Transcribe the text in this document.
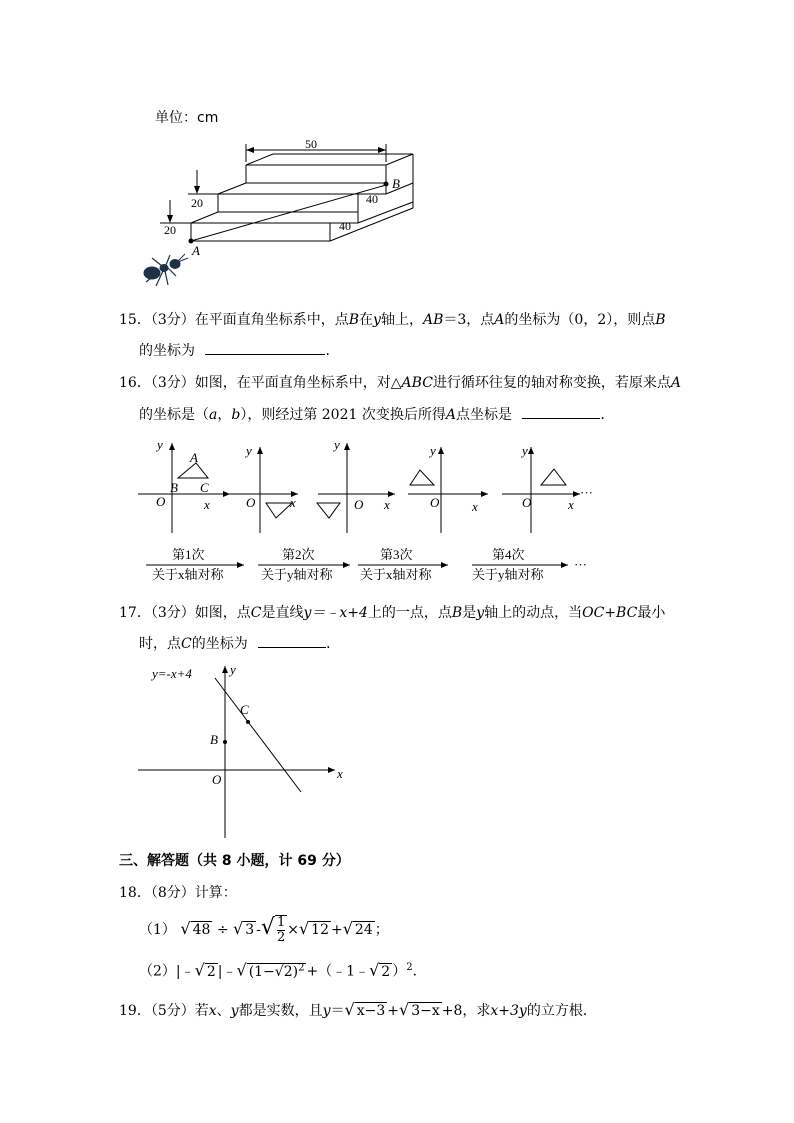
单位：cm
50
B
20
20
40
40
A
15．（3分）在平面直角坐标系中，点B在y轴上，AB＝3，点A的坐标为（0，2），则点B
的坐标为	．
16．（3分）如图，在平面直角坐标系中，对△ABC进行循环往复的轴对称变换，若原来点A
的坐标是（a，b），则经过第 2021 次变换后所得A点坐标是	．
y
x
O
A
B C
y
x
O
y
x
O
y
x
O
y
x
O
···
第1次
关于x轴对称
第2次
关于y轴对称
第3次
关于x轴对称
第4次
关于y轴对称
···
17．（3分）如图，点C是直线y＝﹣x+4上的一点，点B是y轴上的动点，当OC+BC最小
时，点C的坐标为	．
y=-x+4	y
x
O
B
C
三、解答题（共 8 小题，计 69 分）
18．（8分）计算：
（1） √ 48 ÷ √ 3 -√ $\frac{1}{2}$ ×√ 12 +√ 24 ；
（2）|﹣√ 2 |﹣√ $(1-√2)^2$ +（﹣1﹣√ 2 ）$^2$．
19．（5分）若x、y都是实数，且y＝√ x−3 +√ 3−x +8，求x+3y的立方根．
